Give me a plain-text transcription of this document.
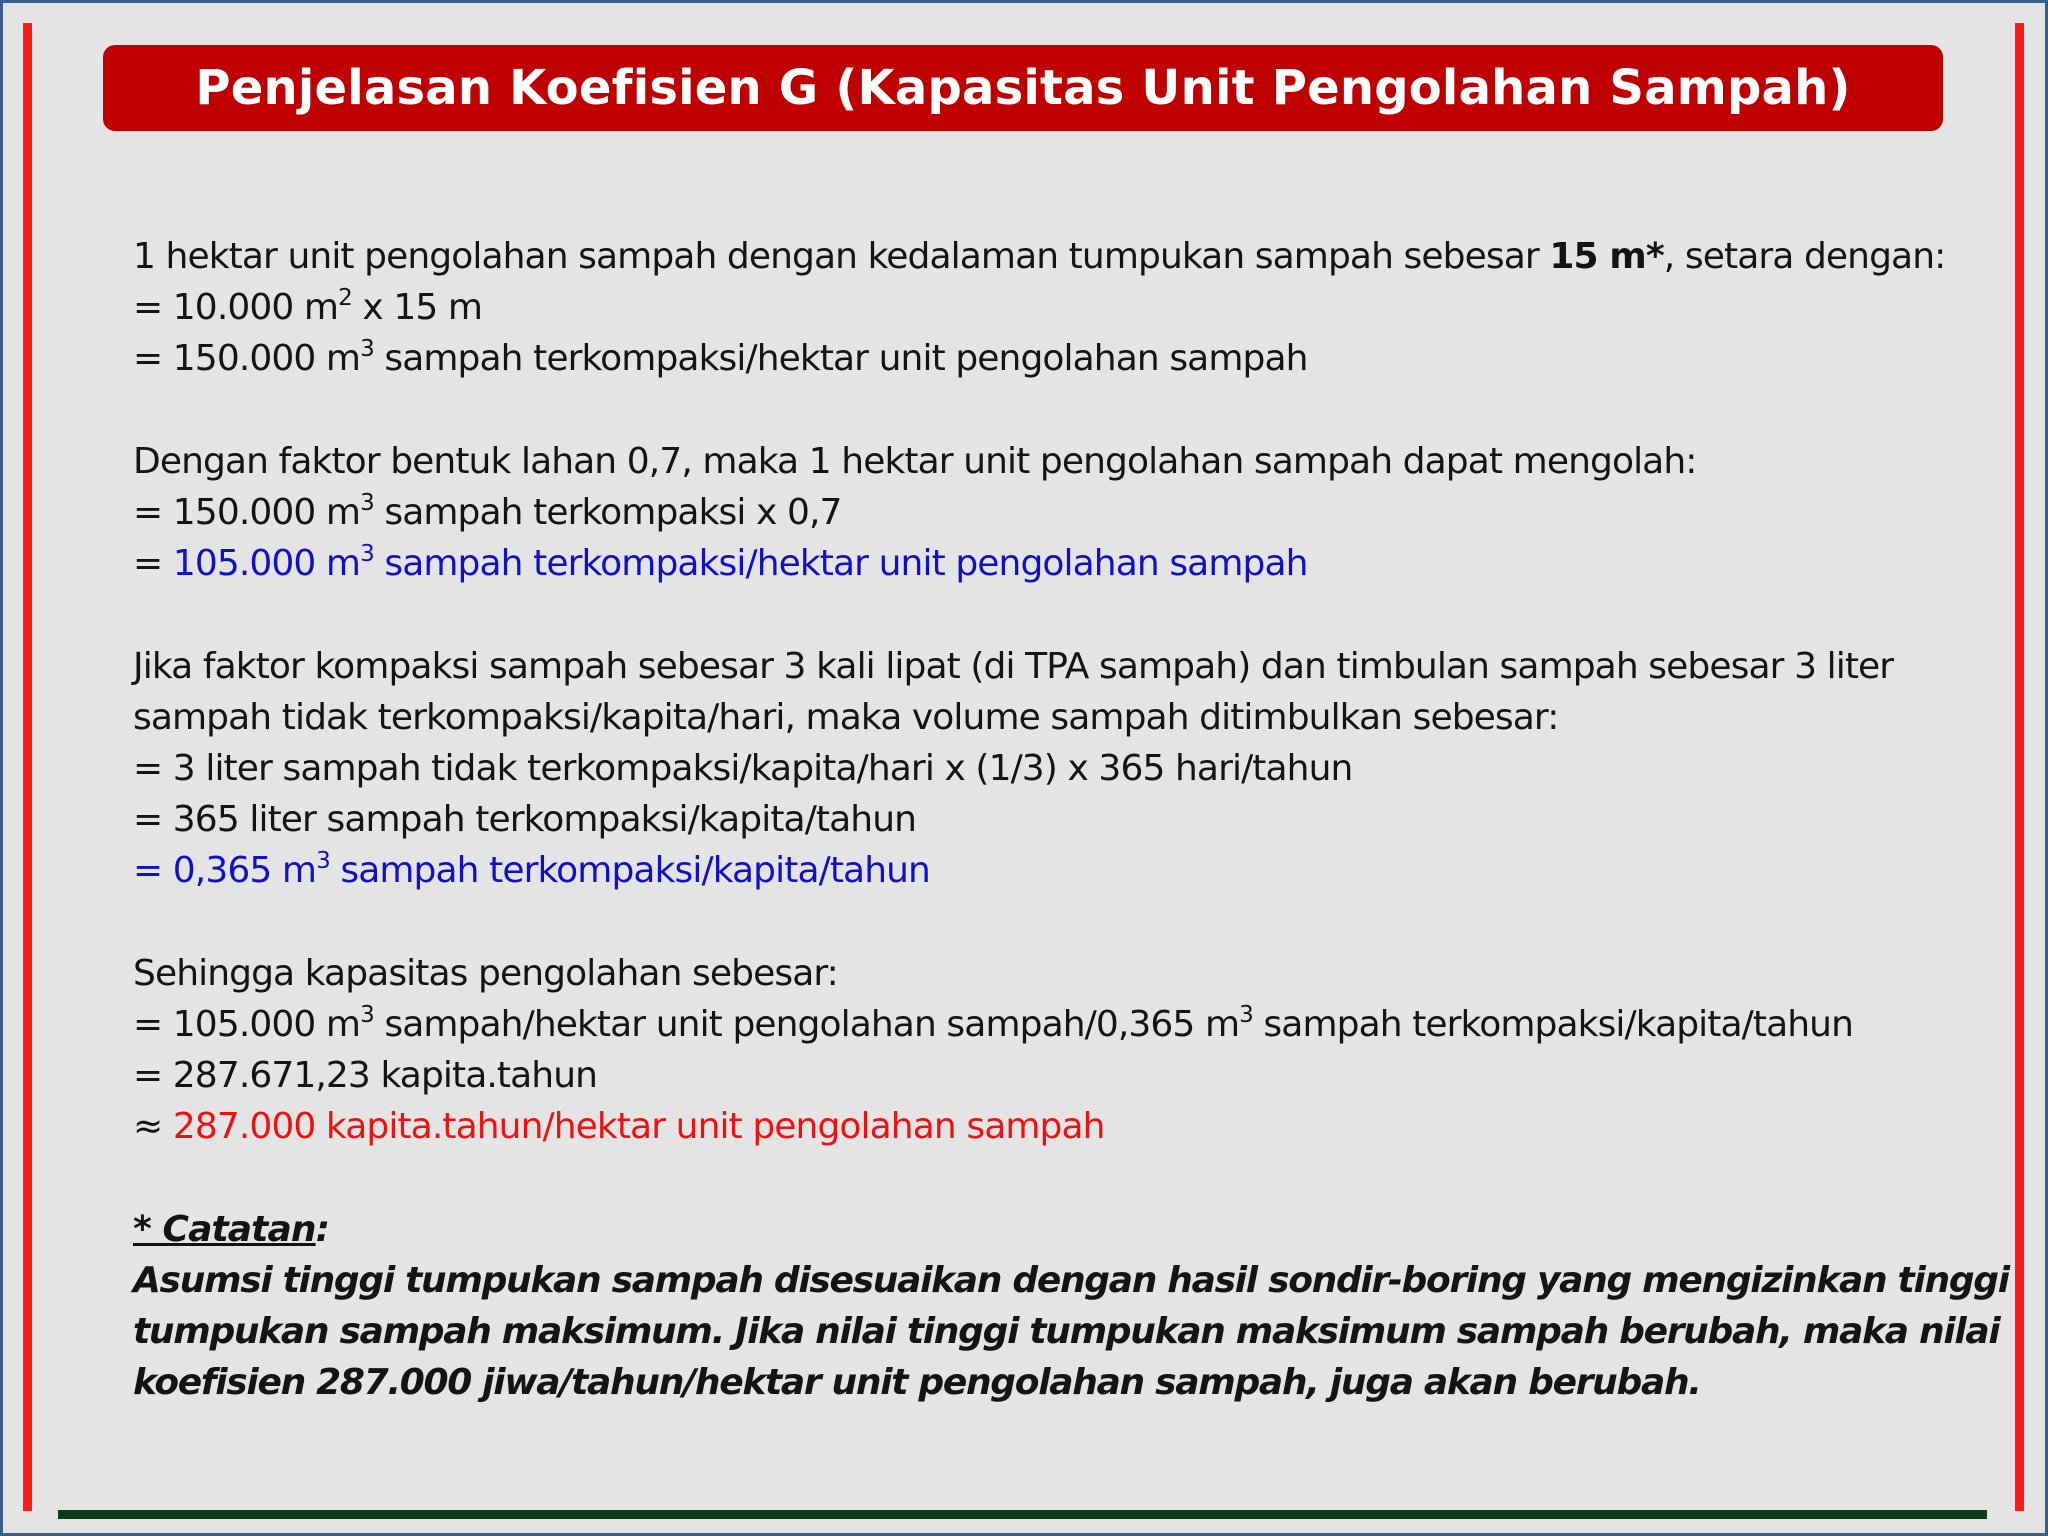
Penjelasan Koefisien G (Kapasitas Unit Pengolahan Sampah)
1 hektar unit pengolahan sampah dengan kedalaman tumpukan sampah sebesar 15 m*, setara dengan:
= 10.000 $m^2$ x 15 m
= 150.000 $m^3$ sampah terkompaksi/hektar unit pengolahan sampah
Dengan faktor bentuk lahan 0,7, maka 1 hektar unit pengolahan sampah dapat mengolah:
= 150.000 $m^3$ sampah terkompaksi x 0,7
= 105.000 $m^3$ sampah terkompaksi/hektar unit pengolahan sampah
Jika faktor kompaksi sampah sebesar 3 kali lipat (di TPA sampah) dan timbulan sampah sebesar 3 liter
sampah tidak terkompaksi/kapita/hari, maka volume sampah ditimbulkan sebesar:
= 3 liter sampah tidak terkompaksi/kapita/hari x (1/3) x 365 hari/tahun
= 365 liter sampah terkompaksi/kapita/tahun
= 0,365 $m^3$ sampah terkompaksi/kapita/tahun
Sehingga kapasitas pengolahan sebesar:
= 105.000 $m^3$ sampah/hektar unit pengolahan sampah/0,365 $m^3$ sampah terkompaksi/kapita/tahun
= 287.671,23 kapita.tahun
≈ 287.000 kapita.tahun/hektar unit pengolahan sampah
* Catatan:
Asumsi tinggi tumpukan sampah disesuaikan dengan hasil sondir-boring yang mengizinkan tinggi
tumpukan sampah maksimum. Jika nilai tinggi tumpukan maksimum sampah berubah, maka nilai
koefisien 287.000 jiwa/tahun/hektar unit pengolahan sampah, juga akan berubah.
